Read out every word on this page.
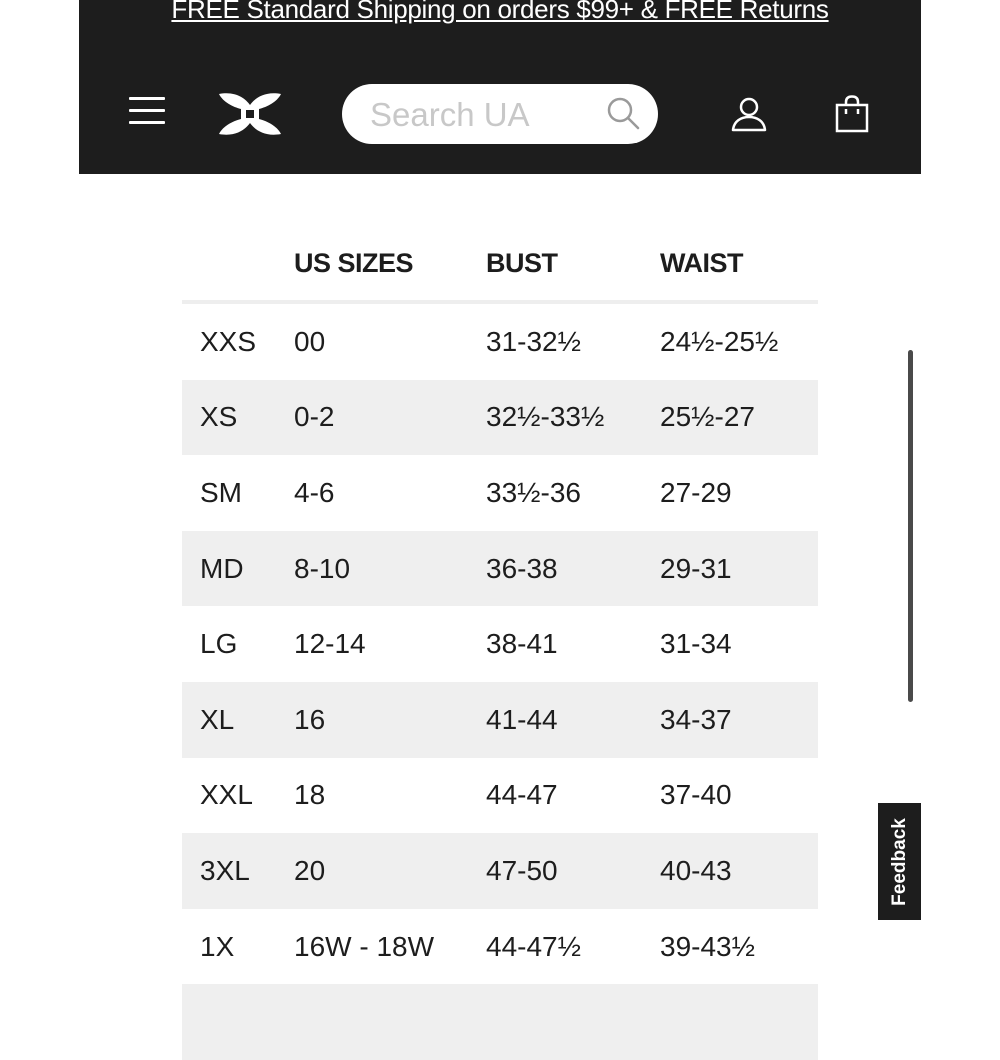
FREE Standard Shipping on orders $99+ & FREE Returns
Search UA
	US SIZES	BUST	WAIST
XXS	00	31-32½	24½-25½
XS	0-2	32½-33½	25½-27
SM	4-6	33½-36	27-29
MD	8-10	36-38	29-31
LG	12-14	38-41	31-34
XL	16	41-44	34-37
XXL	18	44-47	37-40
3XL	20	47-50	40-43
1X	16W - 18W	44-47½	39-43½

Feedback
